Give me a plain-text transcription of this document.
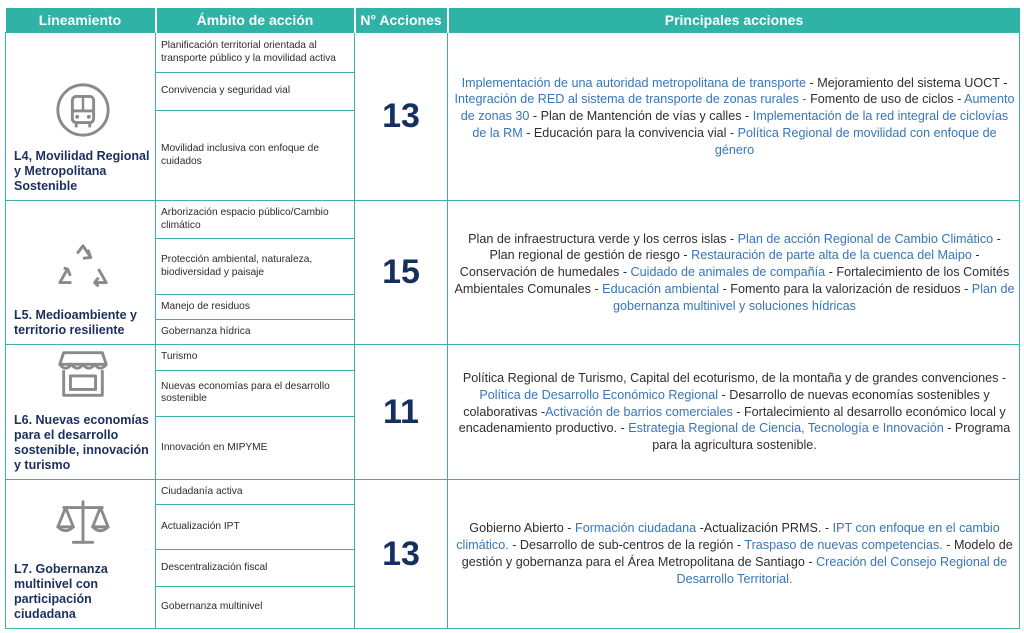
Lineamiento	Ámbito de acción	N° Acciones	Principales acciones

L4, Movilidad Regional y Metropolitana Sostenible	Planificación territorial orientada al transporte público y la movilidad activa	13	Implementación de una autoridad metropolitana de transporte - Mejoramiento del sistema UOCT - Integración de RED al sistema de transporte de zonas rurales - Fomento de uso de ciclos - Aumento de zonas 30 - Plan de Mantención de vías y calles - Implementación de la red integral de ciclovías de la RM - Educación para la convivencia vial - Política Regional de movilidad con enfoque de género
	Convivencia y seguridad vial		
	Movilidad inclusiva con enfoque de cuidados		

L5. Medioambiente y territorio resiliente	Arborización espacio público/Cambio climático	15	Plan de infraestructura verde y los cerros islas - Plan de acción Regional de Cambio Climático - Plan regional de gestión de riesgo - Restauración de parte alta de la cuenca del Maipo - Conservación de humedales - Cuidado de animales de compañía - Fortalecimiento de los Comités Ambientales Comunales - Educación ambiental - Fomento para la valorización de residuos - Plan de gobernanza multinivel y soluciones hídricas
	Protección ambiental, naturaleza, biodiversidad y paisaje		
	Manejo de residuos		
	Gobernanza hídrica		

L6. Nuevas economías para el desarrollo sostenible, innovación y turismo	Turismo	11	Política Regional de Turismo, Capital del ecoturismo, de la montaña y de grandes convenciones - Política de Desarrollo Económico Regional - Desarrollo de nuevas economías sostenibles y colaborativas -Activación de barrios comerciales - Fortalecimiento al desarrollo económico local y encadenamiento productivo. - Estrategia Regional de Ciencia, Tecnología e Innovación - Programa para la agricultura sostenible.
	Nuevas economías para el desarrollo sostenible		
	Innovación en MIPYME		

L7. Gobernanza multinivel con participación ciudadana	Ciudadanía activa	13	Gobierno Abierto - Formación ciudadana -Actualización PRMS. - IPT con enfoque en el cambio climático. - Desarrollo de sub-centros de la región - Traspaso de nuevas competencias. - Modelo de gestión y gobernanza para el Área Metropolitana de Santiago - Creación del Consejo Regional de Desarrollo Territorial.
	Actualización IPT		
	Descentralización fiscal		
	Gobernanza multinivel		
